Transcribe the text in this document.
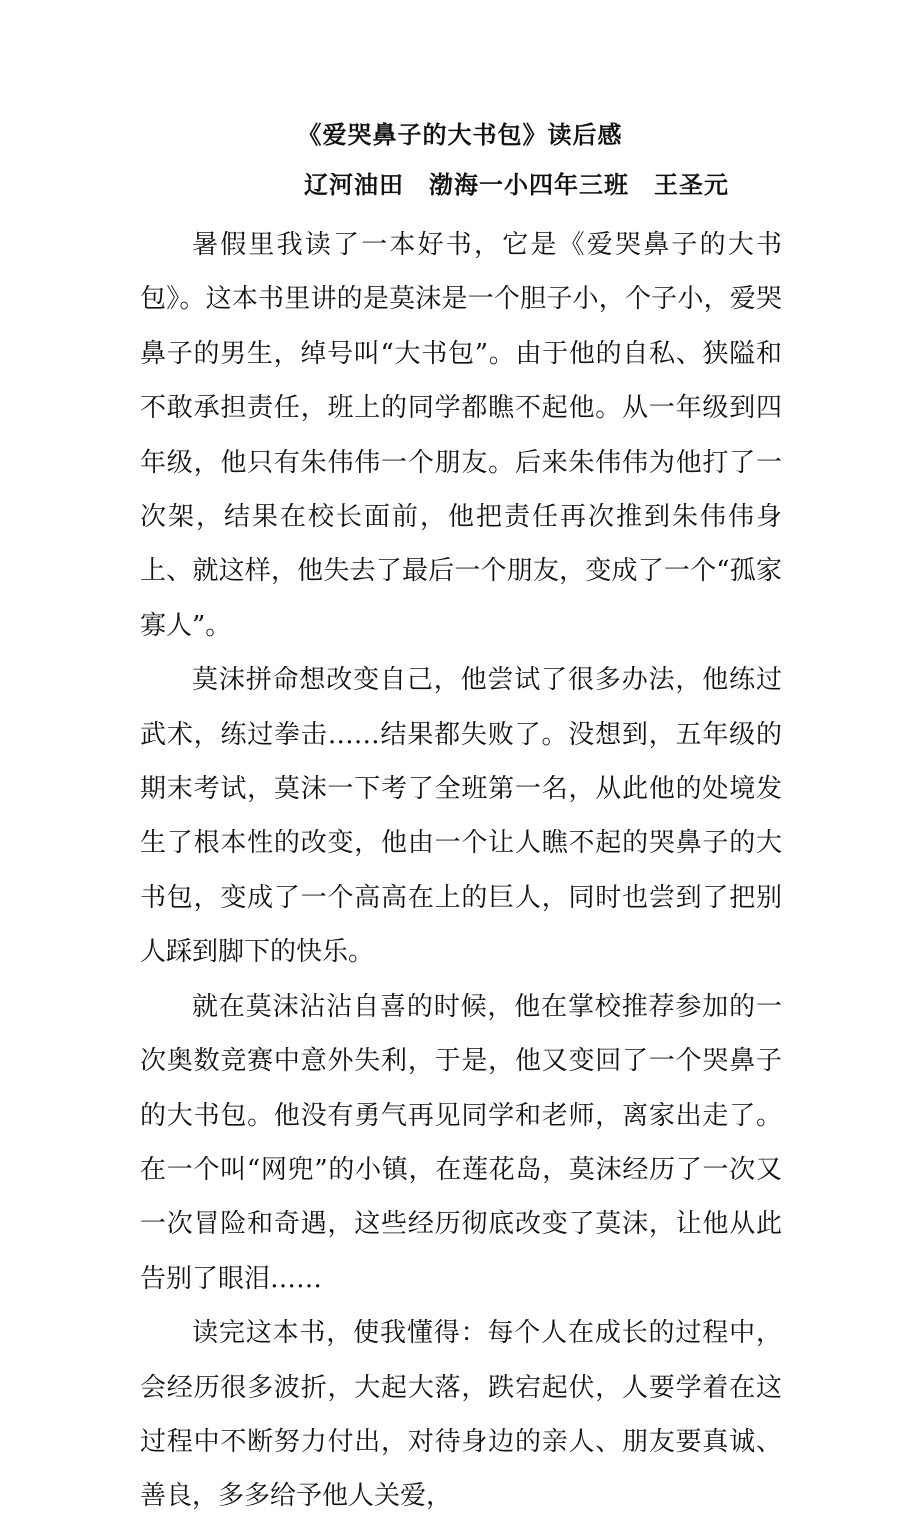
《爱哭鼻子的大书包》读后感
辽河油田　渤海一小四年三班　王圣元

暑假里我读了一本好书，它是《爱哭鼻子的大书包》。这本书里讲的是莫沫是一个胆子小，个子小，爱哭鼻子的男生，绰号叫“大书包”。由于他的自私、狭隘和不敢承担责任，班上的同学都瞧不起他。从一年级到四年级，他只有朱伟伟一个朋友。后来朱伟伟为他打了一次架，结果在校长面前，他把责任再次推到朱伟伟身上、就这样，他失去了最后一个朋友，变成了一个“孤家寡人”。

莫沫拼命想改变自己，他尝试了很多办法，他练过武术，练过拳击……结果都失败了。没想到，五年级的期末考试，莫沫一下考了全班第一名，从此他的处境发生了根本性的改变，他由一个让人瞧不起的哭鼻子的大书包，变成了一个高高在上的巨人，同时也尝到了把别人踩到脚下的快乐。

就在莫沫沾沾自喜的时候，他在掌校推荐参加的一次奥数竞赛中意外失利，于是，他又变回了一个哭鼻子的大书包。他没有勇气再见同学和老师，离家出走了。在一个叫“网兜”的小镇，在莲花岛，莫沫经历了一次又一次冒险和奇遇，这些经历彻底改变了莫沫，让他从此告别了眼泪……

读完这本书，使我懂得：每个人在成长的过程中，会经历很多波折，大起大落，跌宕起伏，人要学着在这过程中不断努力付出，对待身边的亲人、朋友要真诚、善良，多多给予他人关爱，
